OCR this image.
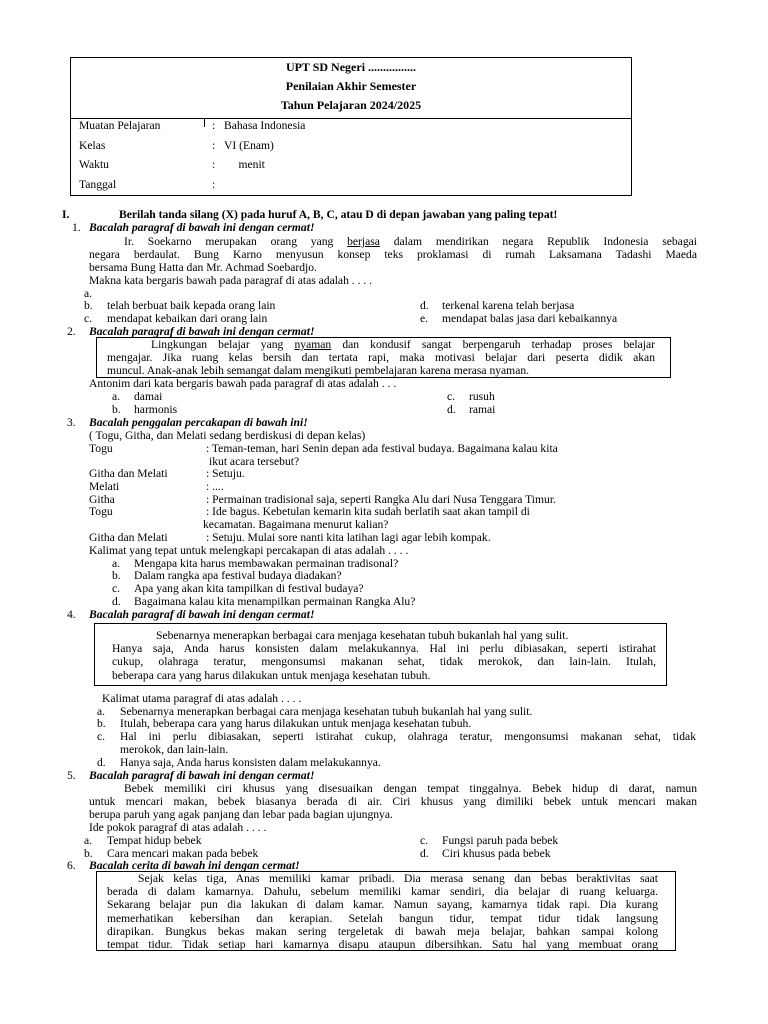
UPT SD Negeri ................
Penilaian Akhir Semester
Tahun Pelajaran 2024/2025
Muatan Pelajaran	: Bahasa Indonesia
Kelas	: VI (Enam)
Waktu	: menit
Tanggal	:
I.	Berilah tanda silang (X) pada huruf A, B, C, atau D di depan jawaban yang paling tepat!
1. Bacalah paragraf di bawah ini dengan cermat!
Ir. Soekarno merupakan orang yang berjasa dalam mendirikan negara Republik Indonesia sebagai
negara berdaulat. Bung Karno menyusun konsep teks proklamasi di rumah Laksamana Tadashi Maeda
bersama Bung Hatta dan Mr. Achmad Soebardjo.
Makna kata bergaris bawah pada paragraf di atas adalah . . . .
a.
b. telah berbuat baik kepada orang lain
c. mendapat kebaikan dari orang lain
d. terkenal karena telah berjasa
e. mendapat balas jasa dari kebaikannya
2. Bacalah paragraf di bawah ini dengan cermat!
Lingkungan belajar yang nyaman dan kondusif sangat berpengaruh terhadap proses belajar
mengajar. Jika ruang kelas bersih dan tertata rapi, maka motivasi belajar dari peserta didik akan
muncul. Anak-anak lebih semangat dalam mengikuti pembelajaran karena merasa nyaman.
Antonim dari kata bergaris bawah pada paragraf di atas adalah . . .
a. damai
b. harmonis
c. rusuh
d. ramai
3. Bacalah penggalan percakapan di bawah ini!
( Togu, Githa, dan Melati sedang berdiskusi di depan kelas)
Togu	: Teman-teman, hari Senin depan ada festival budaya. Bagaimana kalau kita
ikut acara tersebut?
Githa dan Melati	: Setuju.
Melati	: ....
Githa	: Permainan tradisional saja, seperti Rangka Alu dari Nusa Tenggara Timur.
Togu	: Ide bagus. Kebetulan kemarin kita sudah berlatih saat akan tampil di
kecamatan. Bagaimana menurut kalian?
Githa dan Melati	: Setuju. Mulai sore nanti kita latihan lagi agar lebih kompak.
Kalimat yang tepat untuk melengkapi percakapan di atas adalah . . . .
a. Mengapa kita harus membawakan permainan tradisonal?
b. Dalam rangka apa festival budaya diadakan?
c. Apa yang akan kita tampilkan di festival budaya?
d. Bagaimana kalau kita menampilkan permainan Rangka Alu?
4. Bacalah paragraf di bawah ini dengan cermat!
Sebenarnya menerapkan berbagai cara menjaga kesehatan tubuh bukanlah hal yang sulit.
Hanya saja, Anda harus konsisten dalam melakukannya. Hal ini perlu dibiasakan, seperti istirahat
cukup, olahraga teratur, mengonsumsi makanan sehat, tidak merokok, dan lain-lain. Itulah,
beberapa cara yang harus dilakukan untuk menjaga kesehatan tubuh.
Kalimat utama paragraf di atas adalah . . . .
a. Sebenarnya menerapkan berbagai cara menjaga kesehatan tubuh bukanlah hal yang sulit.
b. Itulah, beberapa cara yang harus dilakukan untuk menjaga kesehatan tubuh.
c. Hal ini perlu dibiasakan, seperti istirahat cukup, olahraga teratur, mengonsumsi makanan sehat, tidak
merokok, dan lain-lain.
d. Hanya saja, Anda harus konsisten dalam melakukannya.
5. Bacalah paragraf di bawah ini dengan cermat!
Bebek memiliki ciri khusus yang disesuaikan dengan tempat tinggalnya. Bebek hidup di darat, namun
untuk mencari makan, bebek biasanya berada di air. Ciri khusus yang dimiliki bebek untuk mencari makan
berupa paruh yang agak panjang dan lebar pada bagian ujungnya.
Ide pokok paragraf di atas adalah . . . .
a. Tempat hidup bebek
b. Cara mencari makan pada bebek
c. Fungsi paruh pada bebek
d. Ciri khusus pada bebek
6. Bacalah cerita di bawah ini dengan cermat!
Sejak kelas tiga, Anas memiliki kamar pribadi. Dia merasa senang dan bebas beraktivitas saat
berada di dalam kamarnya. Dahulu, sebelum memiliki kamar sendiri, dia belajar di ruang keluarga.
Sekarang belajar pun dia lakukan di dalam kamar. Namun sayang, kamarnya tidak rapi. Dia kurang
memerhatikan kebersihan dan kerapian. Setelah bangun tidur, tempat tidur tidak langsung
dirapikan. Bungkus bekas makan sering tergeletak di bawah meja belajar, bahkan sampai kolong
tempat tidur. Tidak setiap hari kamarnya disapu ataupun dibersihkan. Satu hal yang membuat orang
